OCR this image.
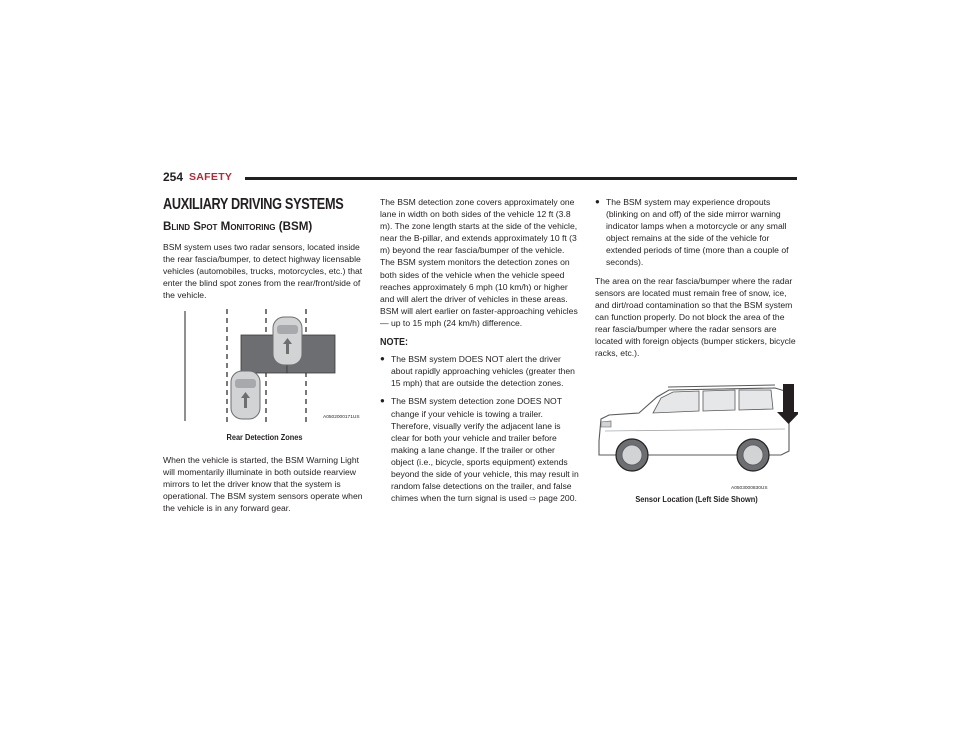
254 SAFETY
AUXILIARY DRIVING SYSTEMS
Blind Spot Monitoring (BSM)

BSM system uses two radar sensors, located inside the rear fascia/bumper, to detect highway licensable vehicles (automobiles, trucks, motorcycles, etc.) that enter the blind spot zones from the rear/front/side of the vehicle.

A0502000171US
Rear Detection Zones

When the vehicle is started, the BSM Warning Light will momentarily illuminate in both outside rearview mirrors to let the driver know that the system is operational. The BSM system sensors operate when the vehicle is in any forward gear.

The BSM detection zone covers approximately one lane in width on both sides of the vehicle 12 ft (3.8 m). The zone length starts at the side of the vehicle, near the B-pillar, and extends approximately 10 ft (3 m) beyond the rear fascia/bumper of the vehicle. The BSM system monitors the detection zones on both sides of the vehicle when the vehicle speed reaches approximately 6 mph (10 km/h) or higher and will alert the driver of vehicles in these areas. BSM will alert earlier on faster-approaching vehicles — up to 15 mph (24 km/h) difference.

NOTE:
● The BSM system DOES NOT alert the driver about rapidly approaching vehicles (greater then 15 mph) that are outside the detection zones.
● The BSM system detection zone DOES NOT change if your vehicle is towing a trailer. Therefore, visually verify the adjacent lane is clear for both your vehicle and trailer before making a lane change. If the trailer or other object (i.e., bicycle, sports equipment) extends beyond the side of your vehicle, this may result in random false detections on the trailer, and false chimes when the turn signal is used ⇨ page 200.
● The BSM system may experience dropouts (blinking on and off) of the side mirror warning indicator lamps when a motorcycle or any small object remains at the side of the vehicle for extended periods of time (more than a couple of seconds).

The area on the rear fascia/bumper where the radar sensors are located must remain free of snow, ice, and dirt/road contamination so that the BSM system can function properly. Do not block the area of the rear fascia/bumper where the radar sensors are located with foreign objects (bumper stickers, bicycle racks, etc.).

A0503000830US
Sensor Location (Left Side Shown)
